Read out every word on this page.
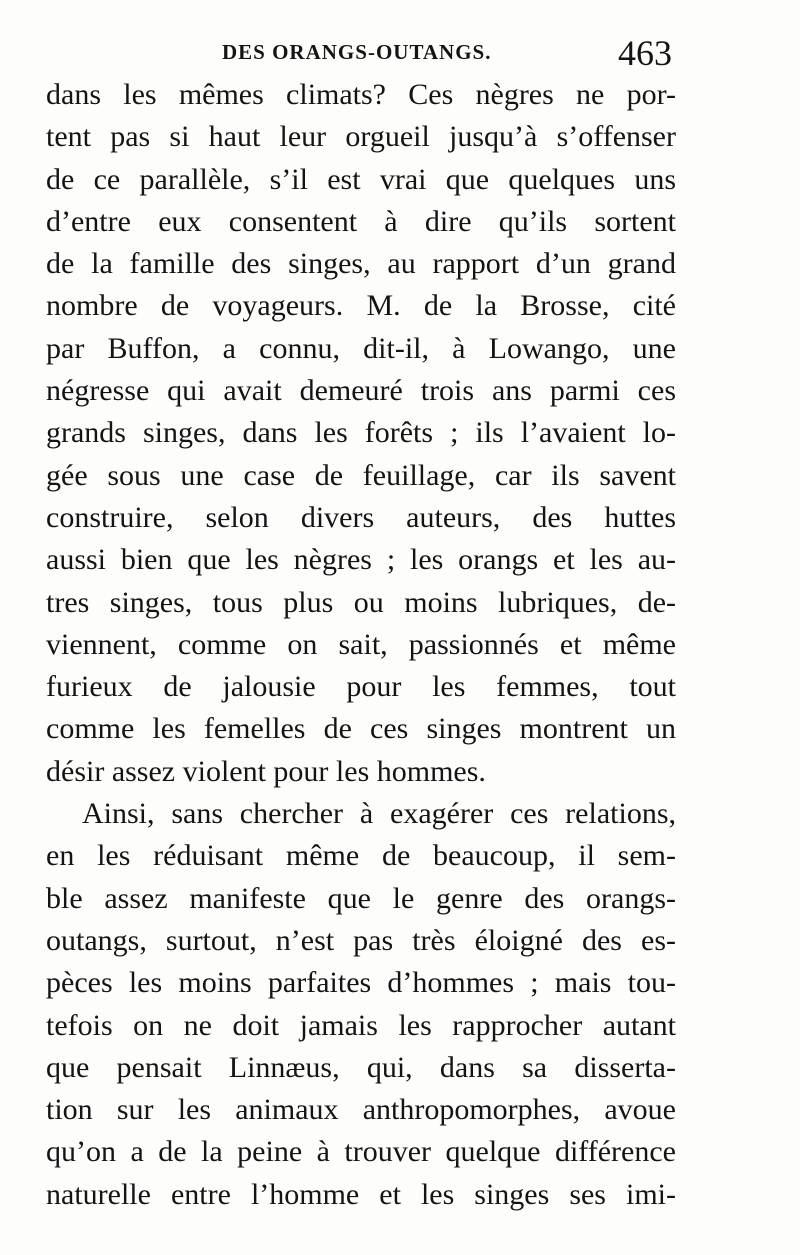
DES ORANGS-OUTANGS.	463
dans les mêmes climats? Ces nègres ne por-
tent pas si haut leur orgueil jusqu’à s’offenser
de ce parallèle, s’il est vrai que quelques uns
d’entre eux consentent à dire qu’ils sortent
de la famille des singes, au rapport d’un grand
nombre de voyageurs. M. de la Brosse, cité
par Buffon, a connu, dit-il, à Lowango, une
négresse qui avait demeuré trois ans parmi ces
grands singes, dans les forêts ; ils l’avaient lo-
gée sous une case de feuillage, car ils savent
construire, selon divers auteurs, des huttes
aussi bien que les nègres ; les orangs et les au-
tres singes, tous plus ou moins lubriques, de-
viennent, comme on sait, passionnés et même
furieux de jalousie pour les femmes, tout
comme les femelles de ces singes montrent un
désir assez violent pour les hommes.
Ainsi, sans chercher à exagérer ces relations,
en les réduisant même de beaucoup, il sem-
ble assez manifeste que le genre des orangs-
outangs, surtout, n’est pas très éloigné des es-
pèces les moins parfaites d’hommes ; mais tou-
tefois on ne doit jamais les rapprocher autant
que pensait Linnæus, qui, dans sa disserta-
tion sur les animaux anthropomorphes, avoue
qu’on a de la peine à trouver quelque différence
naturelle entre l’homme et les singes ses imi-
